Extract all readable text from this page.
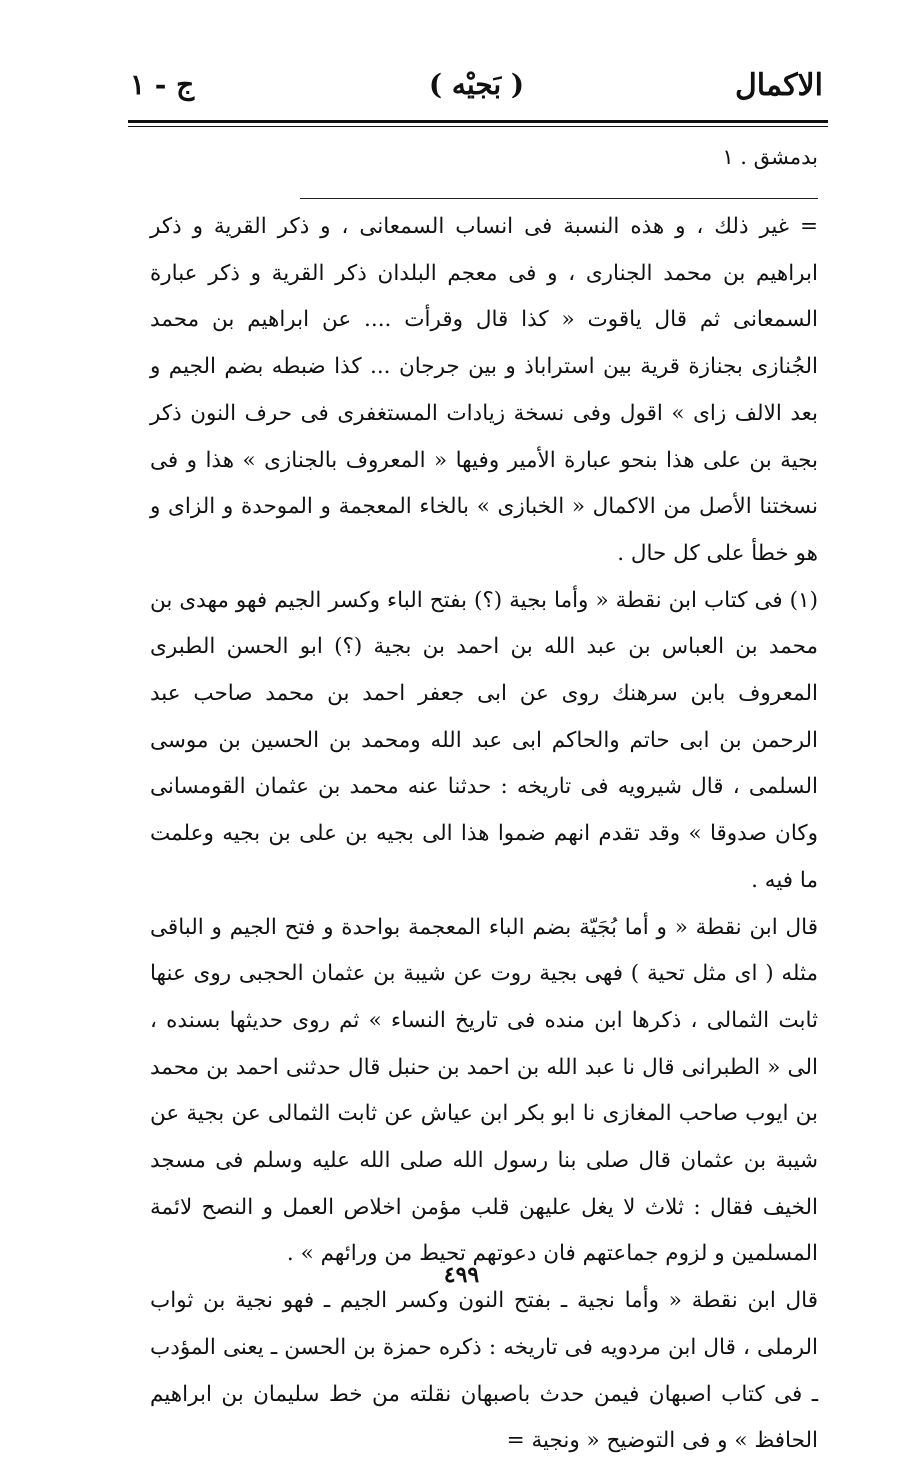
الاكمال
( بَجيْه )
ج - ١
بدمشق . ١

= غير ذلك ، و هذه النسبة فى انساب السمعانى ، و ذكر القرية و ذكر ابراهيم بن محمد الجنارى ، و فى معجم البلدان ذكر القرية و ذكر عبارة السمعانى ثم قال ياقوت « كذا قال وقرأت .... عن ابراهيم بن محمد الجُنازى بجنازة قرية بين استراباذ و بين جرجان ... كذا ضبطه بضم الجيم و بعد الالف زاى » اقول وفى نسخة زيادات المستغفرى فى حرف النون ذكر بجية بن على هذا بنحو عبارة الأمير وفيها « المعروف بالجنازى » هذا و فى نسختنا الأصل من الاكمال « الخبازى » بالخاء المعجمة و الموحدة و الزاى و هو خطأ على كل حال .

(١) فى كتاب ابن نقطة « وأما بجية (؟) بفتح الباء وكسر الجيم فهو مهدى بن محمد بن العباس بن عبد الله بن احمد بن بجية (؟) ابو الحسن الطبرى المعروف بابن سرهنك روى عن ابى جعفر احمد بن محمد صاحب عبد الرحمن بن ابى حاتم والحاكم ابى عبد الله ومحمد بن الحسين بن موسى السلمى ، قال شيرويه فى تاريخه : حدثنا عنه محمد بن عثمان القومسانى وكان صدوقا » وقد تقدم انهم ضموا هذا الى بجيه بن على بن بجيه وعلمت ما فيه .

قال ابن نقطة « و أما بُجَيّة بضم الباء المعجمة بواحدة و فتح الجيم و الباقى مثله ( اى مثل تحية ) فهى بجية روت عن شيبة بن عثمان الحجبى روى عنها ثابت الثمالى ، ذكرها ابن منده فى تاريخ النساء » ثم روى حديثها بسنده ، الى « الطبرانى قال نا عبد الله بن احمد بن حنبل قال حدثنى احمد بن محمد بن ايوب صاحب المغازى نا ابو بكر ابن عياش عن ثابت الثمالى عن بجية عن شيبة بن عثمان قال صلى بنا رسول الله صلى الله عليه وسلم فى مسجد الخيف فقال : ثلاث لا يغل عليهن قلب مؤمن اخلاص العمل و النصح لائمة المسلمين و لزوم جماعتهم فان دعوتهم تحيط من ورائهم » .

قال ابن نقطة « وأما نجية ـ بفتح النون وكسر الجيم ـ فهو نجية بن ثواب الرملى ، قال ابن مردويه فى تاريخه : ذكره حمزة بن الحسن ـ يعنى المؤدب ـ فى كتاب اصبهان فيمن حدث باصبهان نقلته من خط سليمان بن ابراهيم الحافظ » و فى التوضيح « ونجية =

٤٩٩
